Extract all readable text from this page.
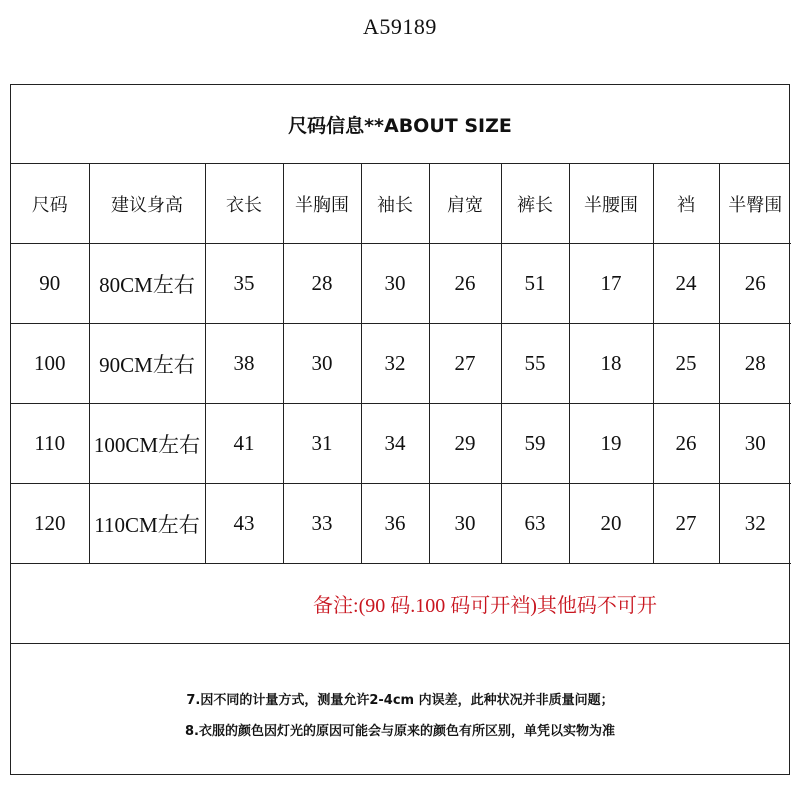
A59189
尺码信息**ABOUT SIZE
尺码	建议身高	衣长	半胸围	袖长	肩宽	裤长	半腰围	裆	半臀围
90	80CM左右	35	28	30	26	51	17	24	26
100	90CM左右	38	30	32	27	55	18	25	28
110	100CM左右	41	31	34	29	59	19	26	30
120	110CM左右	43	33	36	30	63	20	27	32
备注:(90 码.100 码可开裆)其他码不可开
7.因不同的计量方式，测量允许2-4cm 内误差，此种状况并非质量问题；
8.衣服的颜色因灯光的原因可能会与原来的颜色有所区别，单凭以实物为准
